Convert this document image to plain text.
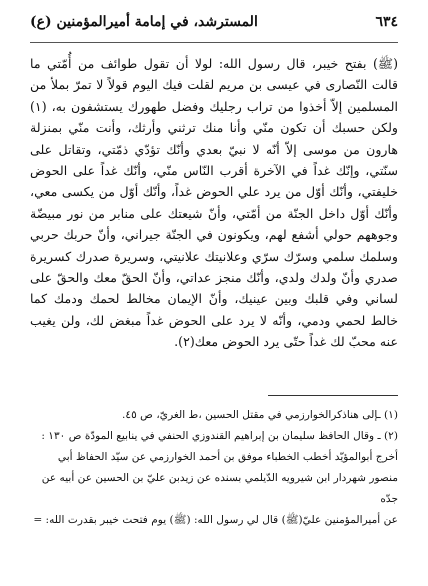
٦٣٤
المسترشد، في إمامة أميرالمؤمنين (ع)

(ﷺ) بفتح خيبر، قال رسول الله: لولا أن تقول طوائف من أُمّتي ما قالت النّصارى في عيسى بن مريم لقلت فيك اليوم قولاً لا تمرّ بملأ من المسلمين إلاّ أخذوا من تراب رجليك وفضل طهورك يستشفون به، (١) ولكن حسبك أن تكون منّي وأنا منك ترثني وأرثك، وأنت منّي بمنزلة هارون من موسى إلاّ أنّه لا نبيّ بعدي وأنّك تؤدّي ذمّتي، وتقاتل على سنّتي، وإنّك غداً في الآخرة أقرب النّاس منّي، وأنّك غداً على الحوض خليفتي، وأنّك أوّل من يرد علي الحوض غداً، وأنّك أوّل من يكسى معي، وأنّك أوّل داخل الجنّة من أمّتي، وأنّ شيعتك على منابر من نور مبيضّة وجوههم حولي أشفع لهم، ويكونون في الجنّة جيراني، وأنّ حربك حربي وسلمك سلمي وسرّك سرّي وعلانيتك علانيتي، وسريرة صدرك كسريرة صدري وأنّ ولدك ولدي، وأنّك منجز عداتي، وأنّ الحقّ معك والحقّ على لساني وفي قلبك وبين عينيك، وأنّ الإيمان مخالط لحمك ودمك كما خالط لحمي ودمي، وأنّه لا يرد على الحوض غداً مبغض لك، ولن يغيب عنه محبّ لك غداً حتّى يرد الحوض معك(٢).

(١) ـإلى هناذكرالخوارزمي في مقتل الحسين ،ط الغريّ، ص ٤٥.

(٢) ـ وقال الحافظ سليمان بن إبراهيم القندوزي الحنفي في ينابيع المودّة ص ١٣٠ :

أخرج أبوالمؤيّد أخطب الخطباء موفق بن أحمد الخوارزمي عن سيّد الحفاظ أبي

منصور شهردار ابن شيرويه الدّيلمي بسنده عن زيدبن عليّ بن الحسين عن أبيه عن جدّه

عن أميرالمؤمنين عليّ(ﷺ) قال لي رسول الله: (ﷺ) يوم فتحت خيبر بقدرت الله: =
